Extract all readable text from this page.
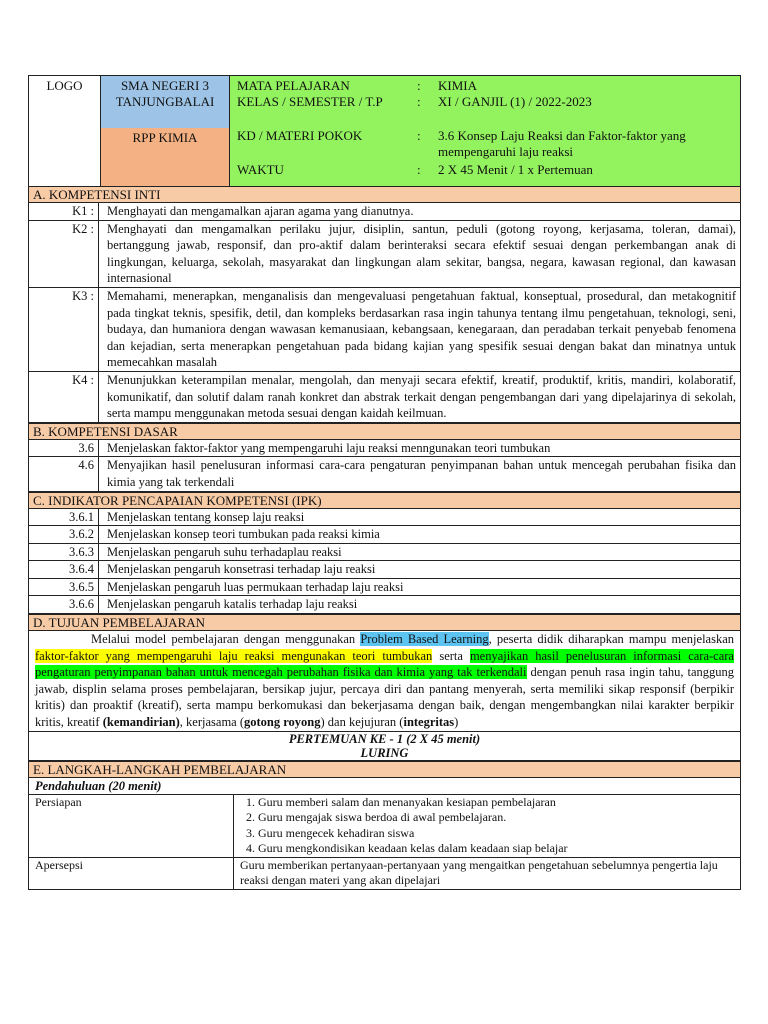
LOGO	SMA NEGERI 3
TANJUNGBALAI
RPP KIMIA
MATA PELAJARAN	: KIMIA
KELAS / SEMESTER / T.P	: XI / GANJIL (1) / 2022-2023
KD / MATERI POKOK	: 3.6 Konsep Laju Reaksi dan Faktor-faktor yang mempengaruhi laju reaksi
WAKTU	: 2 X 45 Menit / 1 x Pertemuan
A. KOMPETENSI INTI
K1 :	Menghayati dan mengamalkan ajaran agama yang dianutnya.
K2 :	Menghayati dan mengamalkan perilaku jujur, disiplin, santun, peduli (gotong royong, kerjasama, toleran, damai), bertanggung jawab, responsif, dan pro-aktif dalam berinteraksi secara efektif sesuai dengan perkembangan anak di lingkungan, keluarga, sekolah, masyarakat dan lingkungan alam sekitar, bangsa, negara, kawasan regional, dan kawasan internasional
K3 :	Memahami, menerapkan, menganalisis dan mengevaluasi pengetahuan faktual, konseptual, prosedural, dan metakognitif pada tingkat teknis, spesifik, detil, dan kompleks berdasarkan rasa ingin tahunya tentang ilmu pengetahuan, teknologi, seni, budaya, dan humaniora dengan wawasan kemanusiaan, kebangsaan, kenegaraan, dan peradaban terkait penyebab fenomena dan kejadian, serta menerapkan pengetahuan pada bidang kajian yang spesifik sesuai dengan bakat dan minatnya untuk memecahkan masalah
K4 :	Menunjukkan keterampilan menalar, mengolah, dan menyaji secara efektif, kreatif, produktif, kritis, mandiri, kolaboratif, komunikatif, dan solutif dalam ranah konkret dan abstrak terkait dengan pengembangan dari yang dipelajarinya di sekolah, serta mampu menggunakan metoda sesuai dengan kaidah keilmuan.
B. KOMPETENSI DASAR
3.6	Menjelaskan faktor-faktor yang mempengaruhi laju reaksi menngunakan teori tumbukan
4.6	Menyajikan hasil penelusuran informasi cara-cara pengaturan penyimpanan bahan untuk mencegah perubahan fisika dan kimia yang tak terkendali
C. INDIKATOR PENCAPAIAN KOMPETENSI (IPK)
3.6.1	Menjelaskan tentang konsep laju reaksi
3.6.2	Menjelaskan konsep teori tumbukan pada reaksi kimia
3.6.3	Menjelaskan pengaruh suhu terhadaplau reaksi
3.6.4	Menjelaskan pengaruh konsetrasi terhadap laju reaksi
3.6.5	Menjelaskan pengaruh luas permukaan terhadap laju reaksi
3.6.6	Menjelaskan pengaruh katalis terhadap laju reaksi
D. TUJUAN PEMBELAJARAN
Melalui model pembelajaran dengan menggunakan Problem Based Learning, peserta didik diharapkan mampu menjelaskan faktor-faktor yang mempengaruhi laju reaksi mengunakan teori tumbukan serta menyajikan hasil penelusuran informasi cara-cara pengaturan penyimpanan bahan untuk mencegah perubahan fisika dan kimia yang tak terkendali dengan penuh rasa ingin tahu, tanggung jawab, displin selama proses pembelajaran, bersikap jujur, percaya diri dan pantang menyerah, serta memiliki sikap responsif (berpikir kritis) dan proaktif (kreatif), serta mampu berkomukasi dan bekerjasama dengan baik, dengan mengembangkan nilai karakter berpikir kritis, kreatif (kemandirian), kerjasama (gotong royong) dan kejujuran (integritas)
PERTEMUAN KE - 1 (2 X 45 menit)
LURING
E. LANGKAH-LANGKAH PEMBELAJARAN
Pendahuluan (20 menit)
Persiapan
1.	Guru memberi salam dan menanyakan kesiapan pembelajaran
2. Guru mengajak siswa berdoa di awal pembelajaran.
3. Guru mengecek kehadiran siswa
4. Guru mengkondisikan keadaan kelas dalam keadaan siap belajar
Apersepsi	Guru memberikan pertanyaan-pertanyaan yang mengaitkan pengetahuan sebelumnya pengertia laju reaksi dengan materi yang akan dipelajari
